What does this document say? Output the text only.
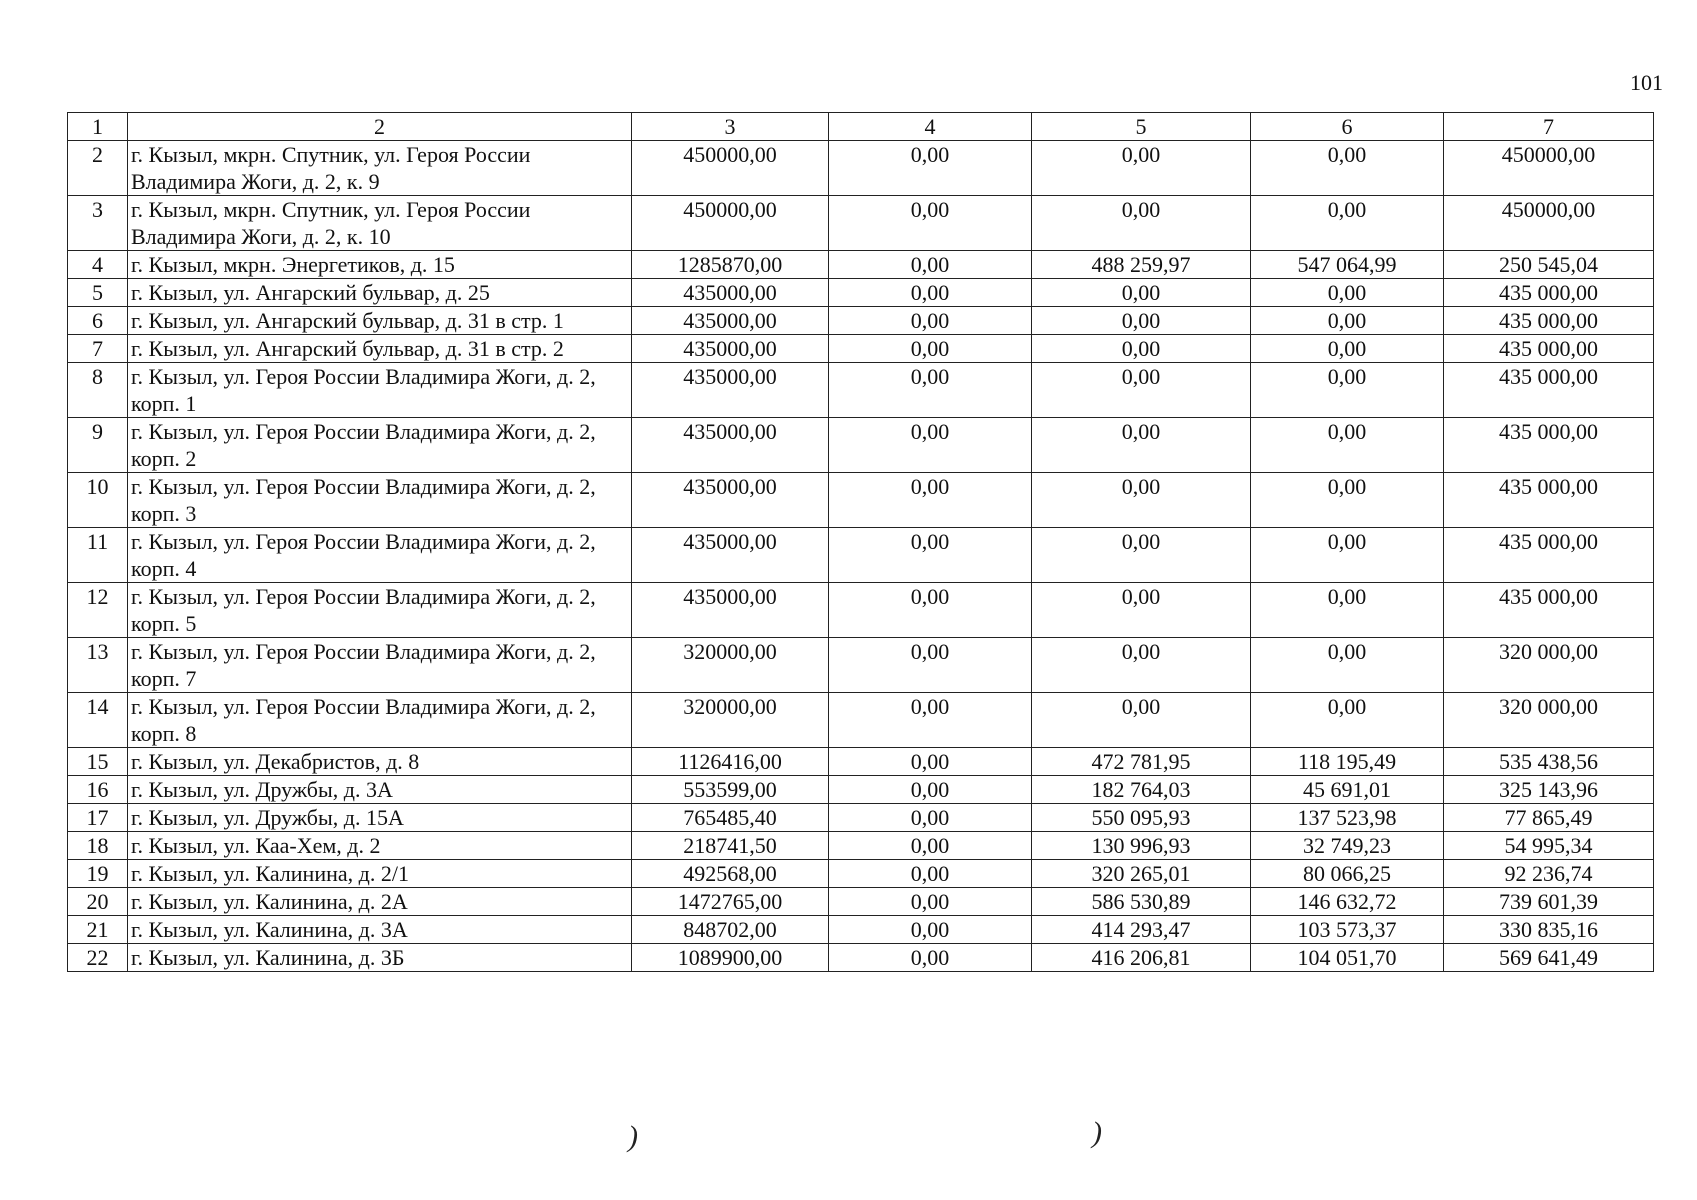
101
1	2	3	4	5	6	7
2	г. Кызыл, мкрн. Спутник, ул. Героя России Владимира Жоги, д. 2, к. 9	450000,00	0,00	0,00	0,00	450000,00
3	г. Кызыл, мкрн. Спутник, ул. Героя России Владимира Жоги, д. 2, к. 10	450000,00	0,00	0,00	0,00	450000,00
4	г. Кызыл, мкрн. Энергетиков, д. 15	1285870,00	0,00	488 259,97	547 064,99	250 545,04
5	г. Кызыл, ул. Ангарский бульвар, д. 25	435000,00	0,00	0,00	0,00	435 000,00
6	г. Кызыл, ул. Ангарский бульвар, д. 31 в стр. 1	435000,00	0,00	0,00	0,00	435 000,00
7	г. Кызыл, ул. Ангарский бульвар, д. 31 в стр. 2	435000,00	0,00	0,00	0,00	435 000,00
8	г. Кызыл, ул. Героя России Владимира Жоги, д. 2, корп. 1	435000,00	0,00	0,00	0,00	435 000,00
9	г. Кызыл, ул. Героя России Владимира Жоги, д. 2, корп. 2	435000,00	0,00	0,00	0,00	435 000,00
10	г. Кызыл, ул. Героя России Владимира Жоги, д. 2, корп. 3	435000,00	0,00	0,00	0,00	435 000,00
11	г. Кызыл, ул. Героя России Владимира Жоги, д. 2, корп. 4	435000,00	0,00	0,00	0,00	435 000,00
12	г. Кызыл, ул. Героя России Владимира Жоги, д. 2, корп. 5	435000,00	0,00	0,00	0,00	435 000,00
13	г. Кызыл, ул. Героя России Владимира Жоги, д. 2, корп. 7	320000,00	0,00	0,00	0,00	320 000,00
14	г. Кызыл, ул. Героя России Владимира Жоги, д. 2, корп. 8	320000,00	0,00	0,00	0,00	320 000,00
15	г. Кызыл, ул. Декабристов, д. 8	1126416,00	0,00	472 781,95	118 195,49	535 438,56
16	г. Кызыл, ул. Дружбы, д. 3А	553599,00	0,00	182 764,03	45 691,01	325 143,96
17	г. Кызыл, ул. Дружбы, д. 15А	765485,40	0,00	550 095,93	137 523,98	77 865,49
18	г. Кызыл, ул. Каа-Хем, д. 2	218741,50	0,00	130 996,93	32 749,23	54 995,34
19	г. Кызыл, ул. Калинина, д. 2/1	492568,00	0,00	320 265,01	80 066,25	92 236,74
20	г. Кызыл, ул. Калинина, д. 2А	1472765,00	0,00	586 530,89	146 632,72	739 601,39
21	г. Кызыл, ул. Калинина, д. 3А	848702,00	0,00	414 293,47	103 573,37	330 835,16
22	г. Кызыл, ул. Калинина, д. 3Б	1089900,00	0,00	416 206,81	104 051,70	569 641,49
)	)
